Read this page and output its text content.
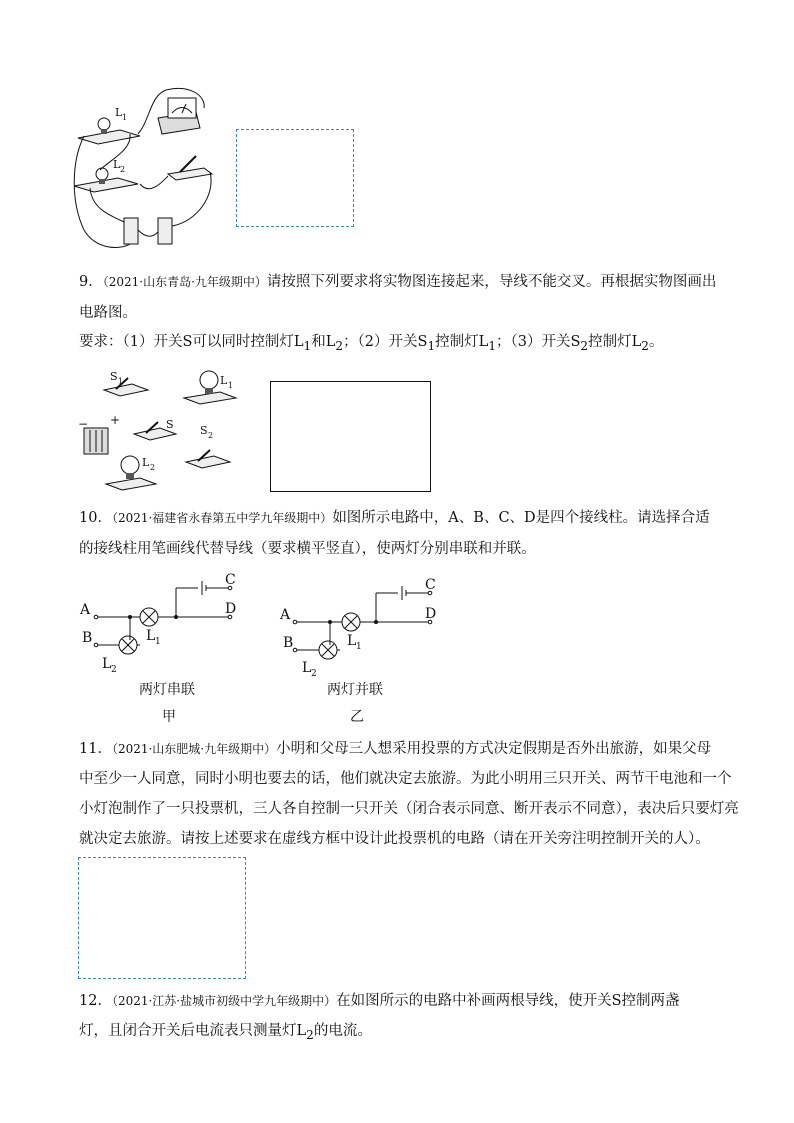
L 1
L 2
9．（2021·山东青岛·九年级期中）请按照下列要求将实物图连接起来，导线不能交叉。再根据实物图画出
电路图。
要求：（1）开关S可以同时控制灯$L_1$和$L_2$；（2）开关$S_1$控制灯$L_1$；（3）开关$S_2$控制灯$L_2$。
S 1	L 1
− +	S S 2
L 2
10．（2021·福建省永春第五中学九年级期中）如图所示电路中，A、B、C、D是四个接线柱。请选择合适
的接线柱用笔画线代替导线（要求横平竖直），使两灯分别串联和并联。
A
B
C
D
L 1
L 2
两灯串联
甲
A
B
C
D
L 1
L 2
两灯并联
乙
11．（2021·山东肥城·九年级期中）小明和父母三人想采用投票的方式决定假期是否外出旅游，如果父母
中至少一人同意，同时小明也要去的话，他们就决定去旅游。为此小明用三只开关、两节干电池和一个
小灯泡制作了一只投票机，三人各自控制一只开关（闭合表示同意、断开表示不同意），表决后只要灯亮
就决定去旅游。请按上述要求在虚线方框中设计此投票机的电路（请在开关旁注明控制开关的人）。
12．（2021·江苏·盐城市初级中学九年级期中）在如图所示的电路中补画两根导线，使开关S控制两盏
灯，且闭合开关后电流表只测量灯$L_2$的电流。
